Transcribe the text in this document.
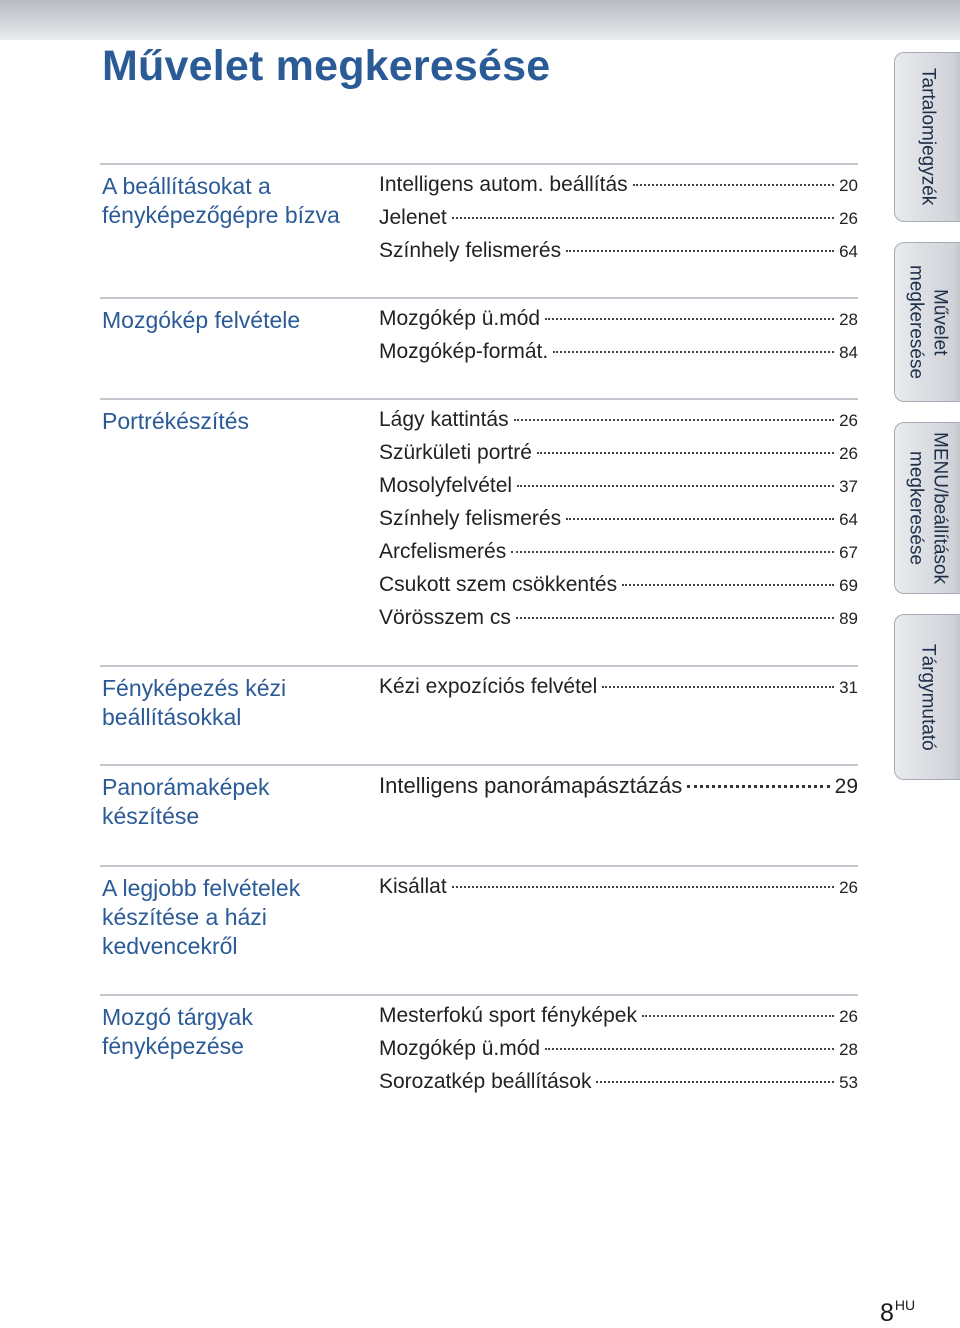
Művelet megkeresése
A beállításokat a
fényképezőgépre bízva
Intelligens autom. beállítás	20
Jelenet	26
Színhely felismerés	64
Mozgókép felvétele	Mozgókép ü.mód	28
Mozgókép-formát.	84
Portrékészítés	Lágy kattintás	26
Szürkületi portré	26
Mosolyfelvétel	37
Színhely felismerés	64
Arcfelismerés	67
Csukott szem csökkentés	69
Vörösszem cs	89
Fényképezés kézi
beállításokkal
Kézi expozíciós felvétel	31
Panorámaképek
készítése
Intelligens panorámapásztázás	29
A legjobb felvételek
készítése a házi
kedvencekről
Kisállat	26
Mozgó tárgyak
fényképezése
Mesterfokú sport fényképek	26
Mozgókép ü.mód	28
Sorozatkép beállítások	53
Tartalomjegyzék
Művelet
megkeresése
MENU/beállítások
megkeresése
Tárgymutató
$8^{HU}$
